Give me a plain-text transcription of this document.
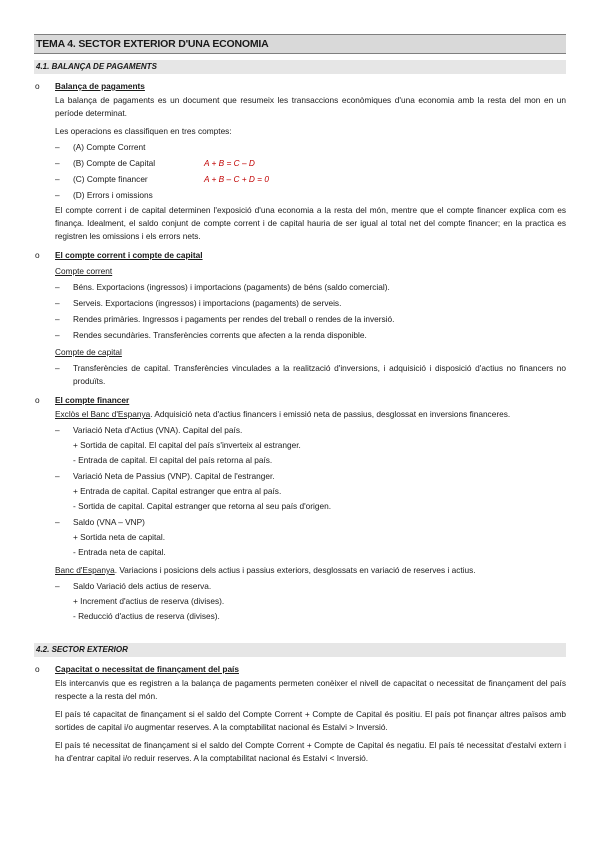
TEMA 4. SECTOR EXTERIOR D'UNA ECONOMIA
4.1. BALANÇA DE PAGAMENTS
o Balança de pagaments
La balança de pagaments es un document que resumeix les transaccions econòmiques d'una economia amb la resta del mon en un període determinat.
Les operacions es classifiquen en tres comptes:
– (A) Compte Corrent
– (B) Compte de Capital	A + B = C – D
– (C) Compte financer	A + B – C + D = 0
– (D) Errors i omissions
El compte corrent i de capital determinen l'exposició d'una economia a la resta del món, mentre que el compte financer explica com es finança. Idealment, el saldo conjunt de compte corrent i de capital hauria de ser igual al total net del compte financer; en la practica es registren les omissions i els errors nets.
o El compte corrent i compte de capital
Compte corrent
– Béns. Exportacions (ingressos) i importacions (pagaments) de béns (saldo comercial).
– Serveis. Exportacions (ingressos) i importacions (pagaments) de serveis.
– Rendes primàries. Ingressos i pagaments per rendes del treball o rendes de la inversió.
– Rendes secundàries. Transferències corrents que afecten a la renda disponible.
Compte de capital
– Transferències de capital. Transferències vinculades a la realització d'inversions, i adquisició i disposició d'actius no financers no produïts.
o El compte financer
Exclòs el Banc d'Espanya. Adquisició neta d'actius financers i emissió neta de passius, desglossat en inversions financeres.
– Variació Neta d'Actius (VNA). Capital del país.
+ Sortida de capital. El capital del país s'inverteix al estranger.
- Entrada de capital. El capital del país retorna al país.
– Variació Neta de Passius (VNP). Capital de l'estranger.
+ Entrada de capital. Capital estranger que entra al país.
- Sortida de capital. Capital estranger que retorna al seu país d'origen.
– Saldo (VNA – VNP)
+ Sortida neta de capital.
- Entrada neta de capital.
Banc d'Espanya. Variacions i posicions dels actius i passius exteriors, desglossats en variació de reserves i actius.
– Saldo Variació dels actius de reserva.
+ Increment d'actius de reserva (divises).
- Reducció d'actius de reserva (divises).
4.2. SECTOR EXTERIOR
o Capacitat o necessitat de finançament del país
Els intercanvis que es registren a la balança de pagaments permeten conèixer el nivell de capacitat o necessitat de finançament del país respecte a la resta del món.
El país té capacitat de finançament si el saldo del Compte Corrent + Compte de Capital és positiu. El país pot finançar altres països amb sortides de capital i/o augmentar reserves. A la comptabilitat nacional és Estalvi > Inversió.
El país té necessitat de finançament si el saldo del Compte Corrent + Compte de Capital és negatiu. El país té necessitat d'estalvi extern i ha d'entrar capital i/o reduir reserves. A la comptabilitat nacional és Estalvi < Inversió.
